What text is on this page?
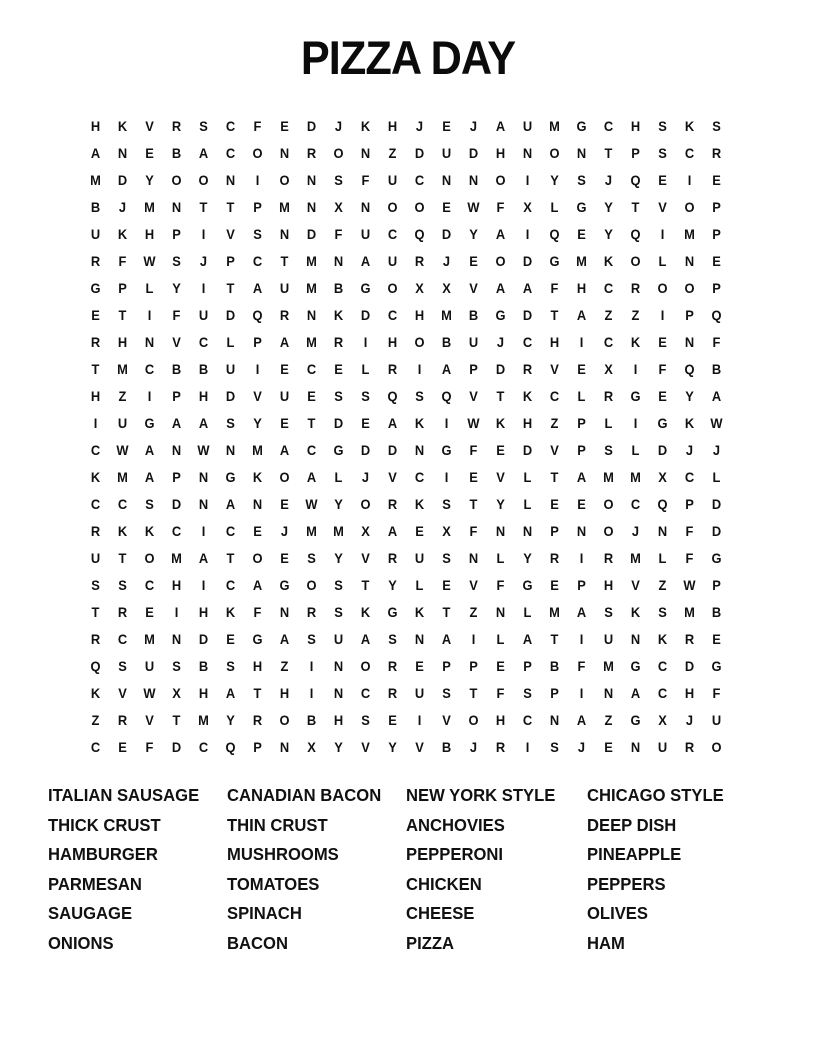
PIZZA DAY
H	K	V	R	S	C	F	E	D	J	K	H	J	E	J	A	U	M	G	C	H	S	K	S
A	N	E	B	A	C	O	N	R	O	N	Z	D	U	D	H	N	O	N	T	P	S	C	R
M	D	Y	O	O	N	I	O	N	S	F	U	C	N	N	O	I	Y	S	J	Q	E	I	E
B	J	M	N	T	T	P	M	N	X	N	O	O	E	W	F	X	L	G	Y	T	V	O	P
U	K	H	P	I	V	S	N	D	F	U	C	Q	D	Y	A	I	Q	E	Y	Q	I	M	P
R	F	W	S	J	P	C	T	M	N	A	U	R	J	E	O	D	G	M	K	O	L	N	E
G	P	L	Y	I	T	A	U	M	B	G	O	X	X	V	A	A	F	H	C	R	O	O	P
E	T	I	F	U	D	Q	R	N	K	D	C	H	M	B	G	D	T	A	Z	Z	I	P	Q
R	H	N	V	C	L	P	A	M	R	I	H	O	B	U	J	C	H	I	C	K	E	N	F
T	M	C	B	B	U	I	E	C	E	L	R	I	A	P	D	R	V	E	X	I	F	Q	B
H	Z	I	P	H	D	V	U	E	S	S	Q	S	Q	V	T	K	C	L	R	G	E	Y	A
I	U	G	A	A	S	Y	E	T	D	E	A	K	I	W	K	H	Z	P	L	I	G	K	W
C	W	A	N	W	N	M	A	C	G	D	D	N	G	F	E	D	V	P	S	L	D	J	J
K	M	A	P	N	G	K	O	A	L	J	V	C	I	E	V	L	T	A	M	M	X	C	L
C	C	S	D	N	A	N	E	W	Y	O	R	K	S	T	Y	L	E	E	O	C	Q	P	D
R	K	K	C	I	C	E	J	M	M	X	A	E	X	F	N	N	P	N	O	J	N	F	D
U	T	O	M	A	T	O	E	S	Y	V	R	U	S	N	L	Y	R	I	R	M	L	F	G
S	S	C	H	I	C	A	G	O	S	T	Y	L	E	V	F	G	E	P	H	V	Z	W	P
T	R	E	I	H	K	F	N	R	S	K	G	K	T	Z	N	L	M	A	S	K	S	M	B
R	C	M	N	D	E	G	A	S	U	A	S	N	A	I	L	A	T	I	U	N	K	R	E
Q	S	U	S	B	S	H	Z	I	N	O	R	E	P	P	E	P	B	F	M	G	C	D	G
K	V	W	X	H	A	T	H	I	N	C	R	U	S	T	F	S	P	I	N	A	C	H	F
Z	R	V	T	M	Y	R	O	B	H	S	E	I	V	O	H	C	N	A	Z	G	X	J	U
C	E	F	D	C	Q	P	N	X	Y	V	Y	V	B	J	R	I	S	J	E	N	U	R	O
ITALIAN SAUSAGE
THICK CRUST
HAMBURGER
PARMESAN
SAUGAGE
ONIONS
CANADIAN BACON
THIN CRUST
MUSHROOMS
TOMATOES
SPINACH
BACON
NEW YORK STYLE
ANCHOVIES
PEPPERONI
CHICKEN
CHEESE
PIZZA
CHICAGO STYLE
DEEP DISH
PINEAPPLE
PEPPERS
OLIVES
HAM
